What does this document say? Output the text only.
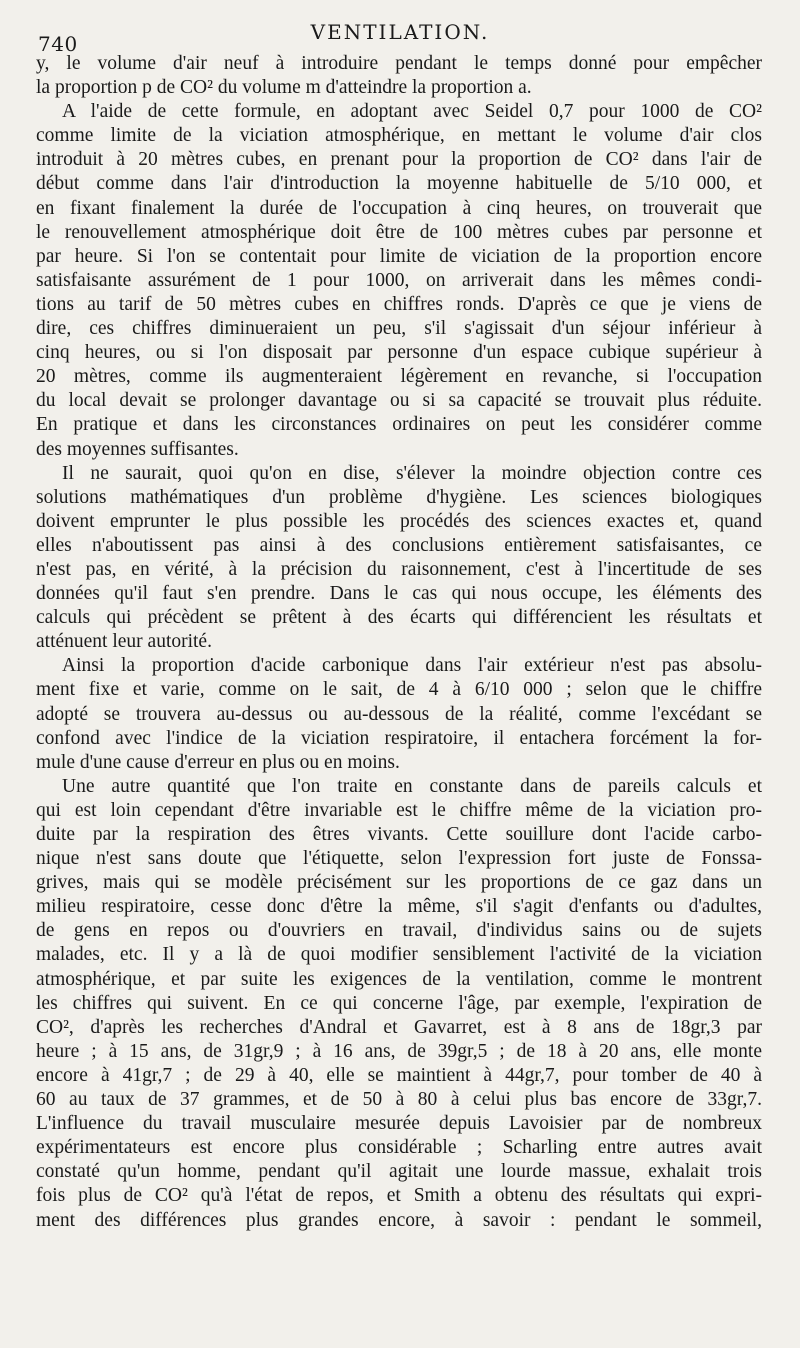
740	VENTILATION.
y, le volume d'air neuf à introduire pendant le temps donné pour empêcher
la proportion p de CO² du volume m d'atteindre la proportion a.
A l'aide de cette formule, en adoptant avec Seidel 0,7 pour 1000 de CO²
comme limite de la viciation atmosphérique, en mettant le volume d'air clos
introduit à 20 mètres cubes, en prenant pour la proportion de CO² dans l'air de
début comme dans l'air d'introduction la moyenne habituelle de 5/10 000, et
en fixant finalement la durée de l'occupation à cinq heures, on trouverait que
le renouvellement atmosphérique doit être de 100 mètres cubes par personne et
par heure. Si l'on se contentait pour limite de viciation de la proportion encore
satisfaisante assurément de 1 pour 1000, on arriverait dans les mêmes condi-
tions au tarif de 50 mètres cubes en chiffres ronds. D'après ce que je viens de
dire, ces chiffres diminueraient un peu, s'il s'agissait d'un séjour inférieur à
cinq heures, ou si l'on disposait par personne d'un espace cubique supérieur à
20 mètres, comme ils augmenteraient légèrement en revanche, si l'occupation
du local devait se prolonger davantage ou si sa capacité se trouvait plus réduite.
En pratique et dans les circonstances ordinaires on peut les considérer comme
des moyennes suffisantes.
Il ne saurait, quoi qu'on en dise, s'élever la moindre objection contre ces
solutions mathématiques d'un problème d'hygiène. Les sciences biologiques
doivent emprunter le plus possible les procédés des sciences exactes et, quand
elles n'aboutissent pas ainsi à des conclusions entièrement satisfaisantes, ce
n'est pas, en vérité, à la précision du raisonnement, c'est à l'incertitude de ses
données qu'il faut s'en prendre. Dans le cas qui nous occupe, les éléments des
calculs qui précèdent se prêtent à des écarts qui différencient les résultats et
atténuent leur autorité.
Ainsi la proportion d'acide carbonique dans l'air extérieur n'est pas absolu-
ment fixe et varie, comme on le sait, de 4 à 6/10 000 ; selon que le chiffre
adopté se trouvera au-dessus ou au-dessous de la réalité, comme l'excédant se
confond avec l'indice de la viciation respiratoire, il entachera forcément la for-
mule d'une cause d'erreur en plus ou en moins.
Une autre quantité que l'on traite en constante dans de pareils calculs et
qui est loin cependant d'être invariable est le chiffre même de la viciation pro-
duite par la respiration des êtres vivants. Cette souillure dont l'acide carbo-
nique n'est sans doute que l'étiquette, selon l'expression fort juste de Fonssa-
grives, mais qui se modèle précisément sur les proportions de ce gaz dans un
milieu respiratoire, cesse donc d'être la même, s'il s'agit d'enfants ou d'adultes,
de gens en repos ou d'ouvriers en travail, d'individus sains ou de sujets
malades, etc. Il y a là de quoi modifier sensiblement l'activité de la viciation
atmosphérique, et par suite les exigences de la ventilation, comme le montrent
les chiffres qui suivent. En ce qui concerne l'âge, par exemple, l'expiration de
CO², d'après les recherches d'Andral et Gavarret, est à 8 ans de 18gr,3 par
heure ; à 15 ans, de 31gr,9 ; à 16 ans, de 39gr,5 ; de 18 à 20 ans, elle monte
encore à 41gr,7 ; de 29 à 40, elle se maintient à 44gr,7, pour tomber de 40 à
60 au taux de 37 grammes, et de 50 à 80 à celui plus bas encore de 33gr,7.
L'influence du travail musculaire mesurée depuis Lavoisier par de nombreux
expérimentateurs est encore plus considérable ; Scharling entre autres avait
constaté qu'un homme, pendant qu'il agitait une lourde massue, exhalait trois
fois plus de CO² qu'à l'état de repos, et Smith a obtenu des résultats qui expri-
ment des différences plus grandes encore, à savoir : pendant le sommeil,
